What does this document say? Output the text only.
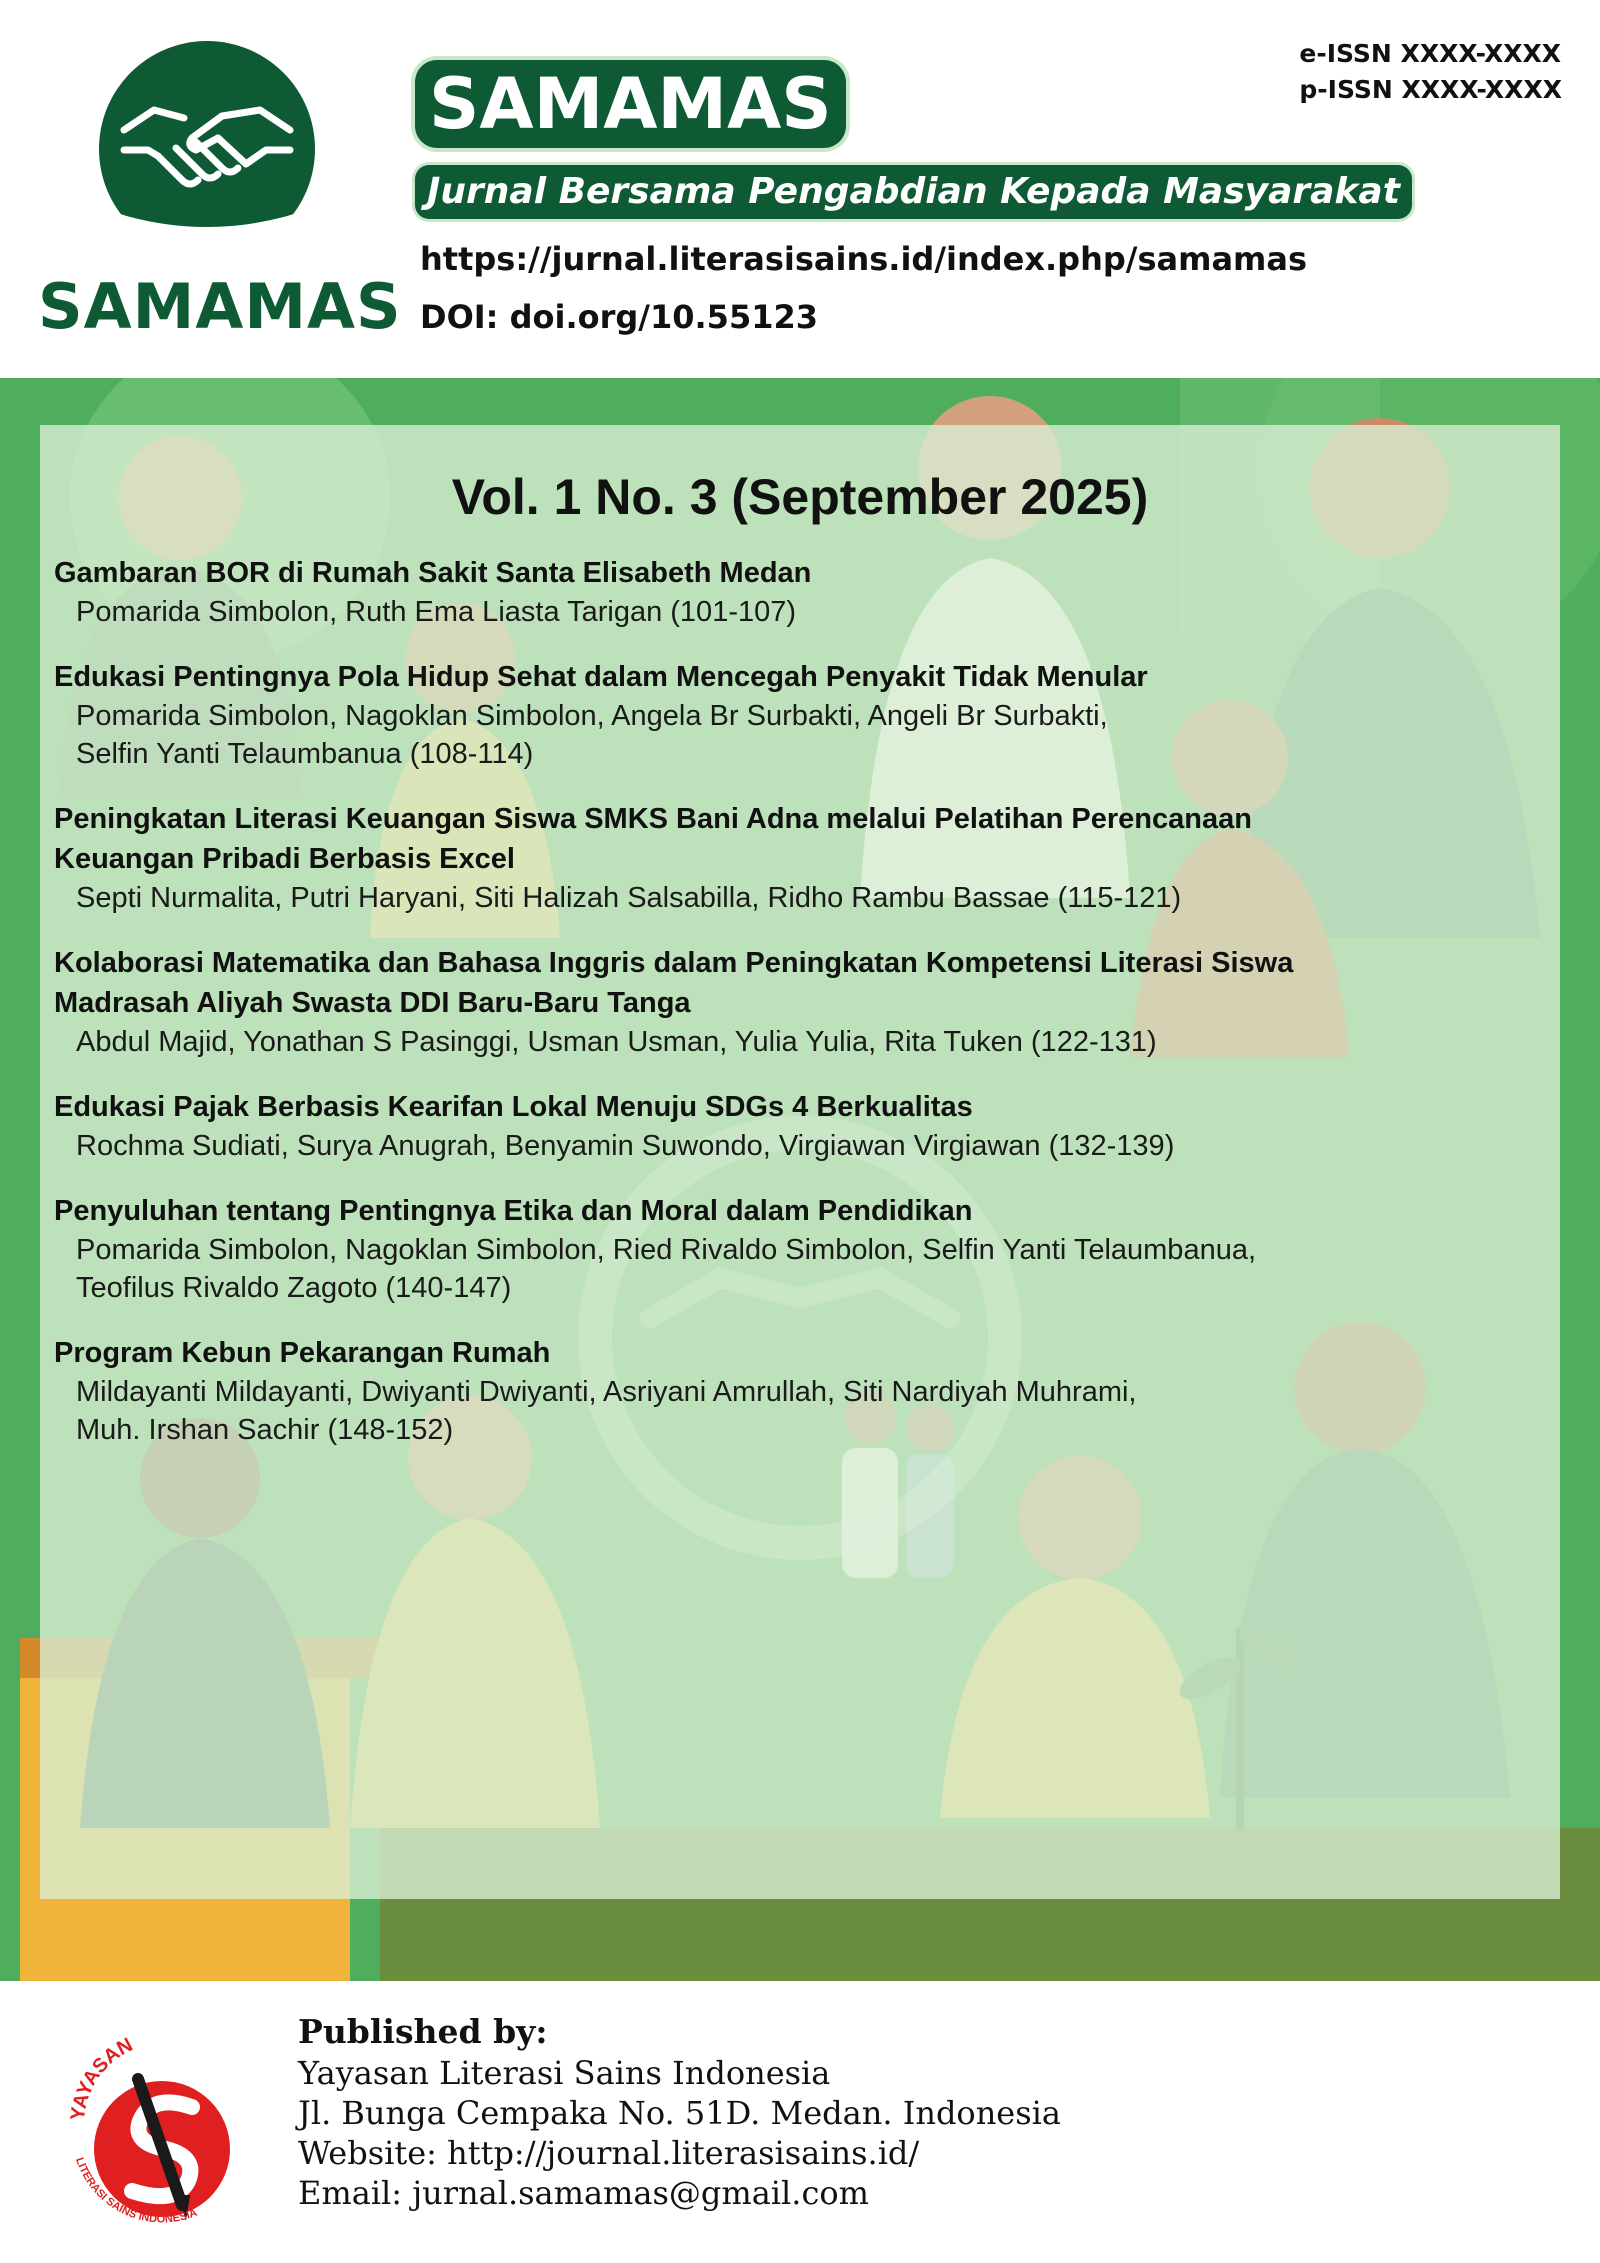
SAMAMAS
SAMAMAS
Jurnal Bersama Pengabdian Kepada Masyarakat
https://jurnal.literasisains.id/index.php/samamas
DOI: doi.org/10.55123
e-ISSN XXXX-XXXX
p-ISSN XXXX-XXXX
Vol. 1 No. 3 (September 2025)
Gambaran BOR di Rumah Sakit Santa Elisabeth Medan
Pomarida Simbolon, Ruth Ema Liasta Tarigan (101-107)
Edukasi Pentingnya Pola Hidup Sehat dalam Mencegah Penyakit Tidak Menular
Pomarida Simbolon, Nagoklan Simbolon, Angela Br Surbakti, Angeli Br Surbakti,
Selfin Yanti Telaumbanua (108-114)
Peningkatan Literasi Keuangan Siswa SMKS Bani Adna melalui Pelatihan Perencanaan
Keuangan Pribadi Berbasis Excel
Septi Nurmalita, Putri Haryani, Siti Halizah Salsabilla, Ridho Rambu Bassae (115-121)
Kolaborasi Matematika dan Bahasa Inggris dalam Peningkatan Kompetensi Literasi Siswa
Madrasah Aliyah Swasta DDI Baru-Baru Tanga
Abdul Majid, Yonathan S Pasinggi, Usman Usman, Yulia Yulia, Rita Tuken (122-131)
Edukasi Pajak Berbasis Kearifan Lokal Menuju SDGs 4 Berkualitas
Rochma Sudiati, Surya Anugrah, Benyamin Suwondo, Virgiawan Virgiawan (132-139)
Penyuluhan tentang Pentingnya Etika dan Moral dalam Pendidikan
Pomarida Simbolon, Nagoklan Simbolon, Ried Rivaldo Simbolon, Selfin Yanti Telaumbanua,
Teofilus Rivaldo Zagoto (140-147)
Program Kebun Pekarangan Rumah
Mildayanti Mildayanti, Dwiyanti Dwiyanti, Asriyani Amrullah, Siti Nardiyah Muhrami,
Muh. Irshan Sachir (148-152)
YAYASAN
LITERASI SAINS INDONESIA
Published by:
Yayasan Literasi Sains Indonesia
Jl. Bunga Cempaka No. 51D. Medan. Indonesia
Website: http://journal.literasisains.id/
Email: jurnal.samamas@gmail.com
